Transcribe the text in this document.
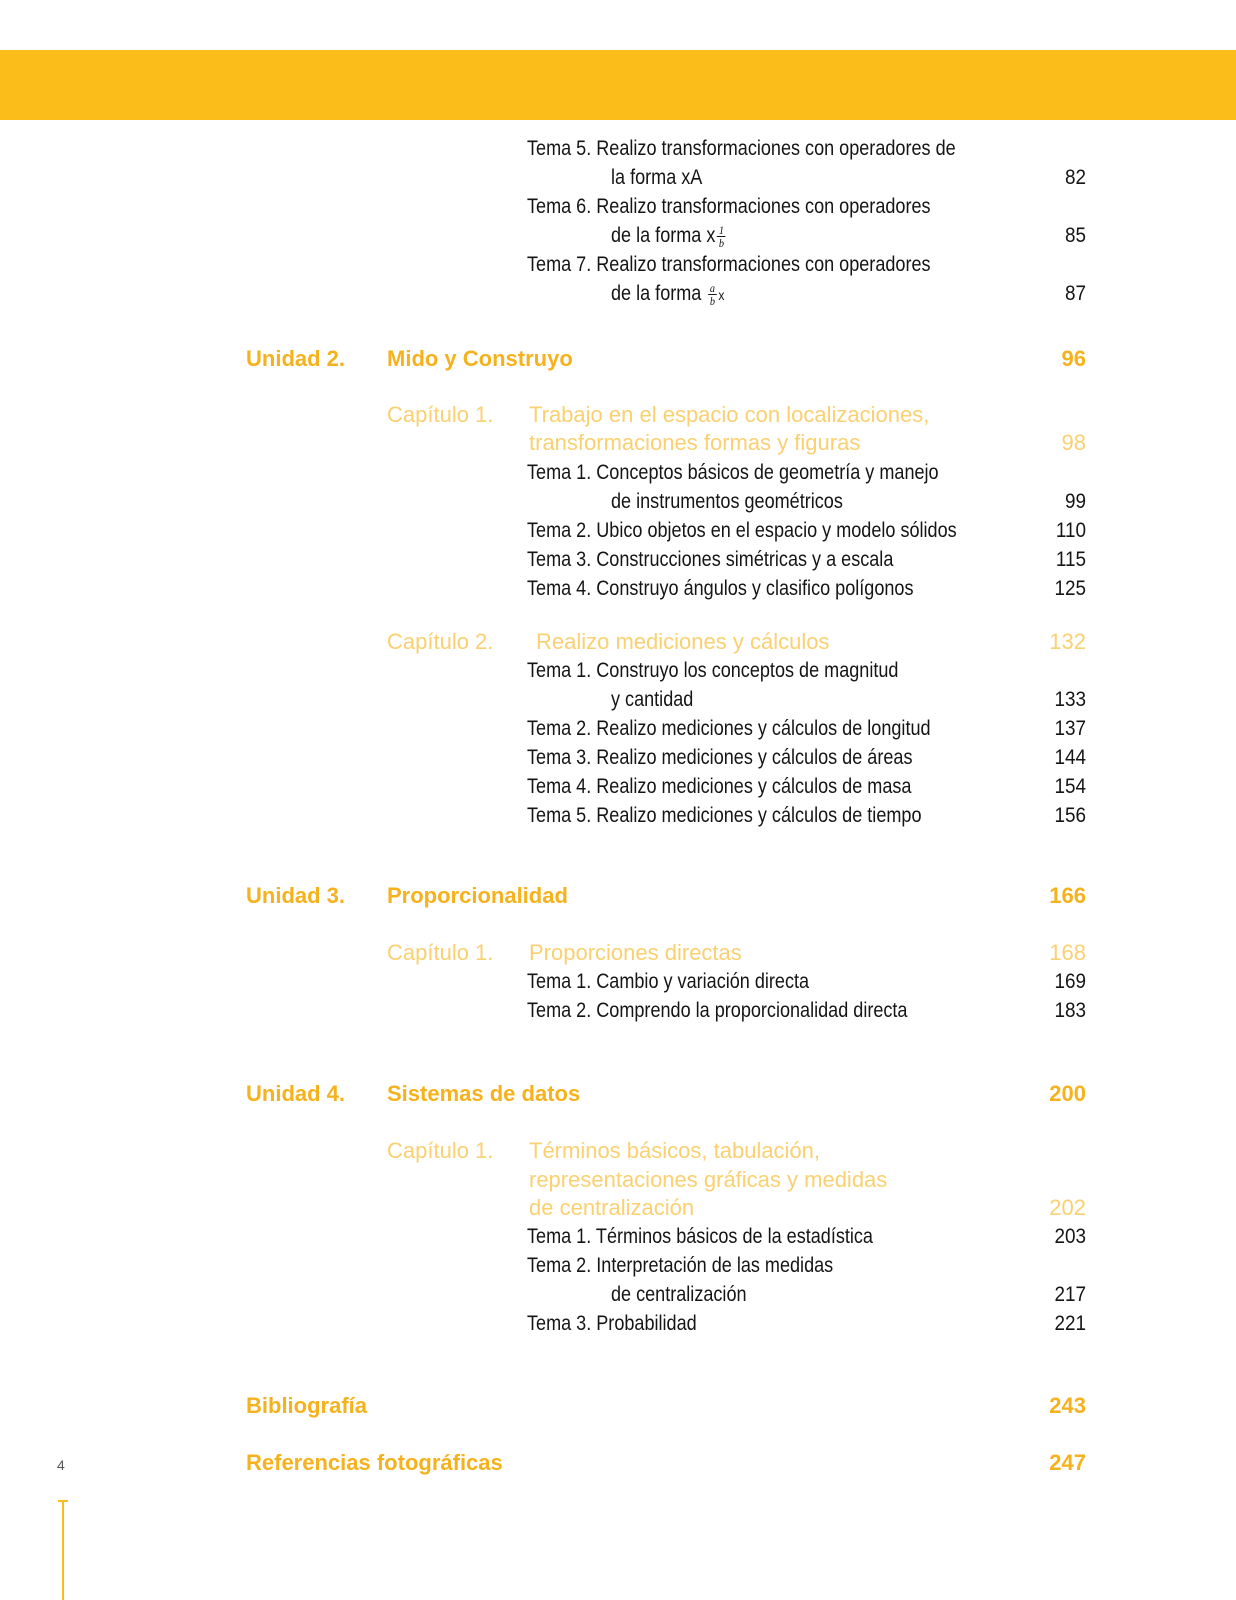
Tema 5. Realizo transformaciones con operadores de
la forma xA	82
Tema 6. Realizo transformaciones con operadores
de la forma x $\frac{1}{b}$	85
Tema 7. Realizo transformaciones con operadores
de la forma $\frac{a}{b}$ x	87
Unidad 2. Mido y Construyo	96
Capítulo 1. Trabajo en el espacio con localizaciones,
transformaciones formas y figuras	98
Tema 1. Conceptos básicos de geometría y manejo
de instrumentos geométricos	99
Tema 2. Ubico objetos en el espacio y modelo sólidos	110
Tema 3. Construcciones simétricas y a escala	115
Tema 4. Construyo ángulos y clasifico polígonos	125
Capítulo 2. Realizo mediciones y cálculos	132
Tema 1. Construyo los conceptos de magnitud
y cantidad	133
Tema 2. Realizo mediciones y cálculos de longitud	137
Tema 3. Realizo mediciones y cálculos de áreas	144
Tema 4. Realizo mediciones y cálculos de masa	154
Tema 5. Realizo mediciones y cálculos de tiempo	156
Unidad 3. Proporcionalidad	166
Capítulo 1. Proporciones directas	168
Tema 1. Cambio y variación directa	169
Tema 2. Comprendo la proporcionalidad directa	183
Unidad 4. Sistemas de datos	200
Capítulo 1. Términos básicos, tabulación,
representaciones gráficas y medidas
de centralización	202
Tema 1. Términos básicos de la estadística	203
Tema 2. Interpretación de las medidas
de centralización	217
Tema 3. Probabilidad	221
Bibliografía	243
Referencias fotográficas	247
4
